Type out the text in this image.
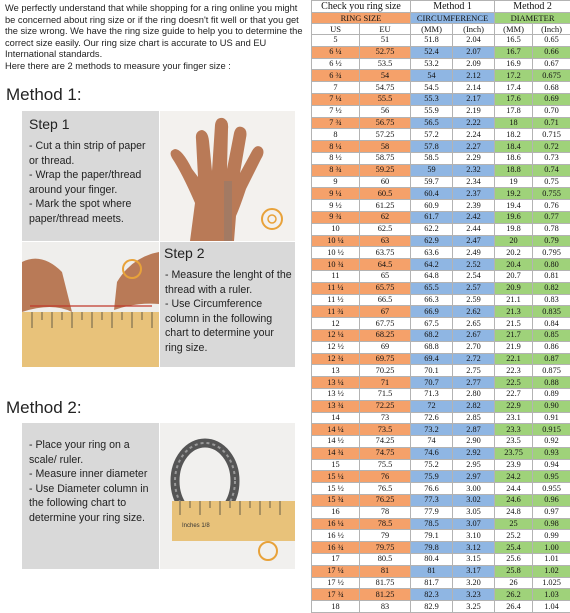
We perfectly understand that while shopping for a ring online you might be concerned about ring size or if the ring doesn't fit well or that you get the size wrong. We have the ring size guide to help you to determine the correct size easily. Our ring size chart is accurate to US and EU International standards.
Here there are 2 methods to measure your finger size :
Method 1:
Step 1
- Cut a thin strip of paper or thread.
- Wrap the paper/thread around your finger.
- Mark the spot where paper/thread meets.
Step 2
- Measure the lenght of the thread with a ruler.
- Use Circumference column in the following chart to determine your ring size.
Method 2:
- Place your ring on a scale/ ruler.
- Measure inner diameter
- Use Diameter column in the following chart to determine your ring size.
Inches 1/8
Check you ring size		Method 1		Method 2	
RING SIZE		CIRCUMFERENCE		DIAMETER	
US	EU	(MM)	(Inch)	(MM)	(Inch)
5	51	51.8	2.04	16.5	0.65
6 ¼	52.75	52.4	2.07	16.7	0.66
6 ½	53.5	53.2	2.09	16.9	0.67
6 ¾	54	54	2.12	17.2	0.675
7	54.75	54.5	2.14	17.4	0.68
7 ¼	55.5	55.3	2.17	17.6	0.69
7 ½	56	55.9	2.19	17.8	0.70
7 ¾	56.75	56.5	2.22	18	0.71
8	57.25	57.2	2.24	18.2	0.715
8 ¼	58	57.8	2.27	18.4	0.72
8 ½	58.75	58.5	2.29	18.6	0.73
8 ¾	59.25	59	2.32	18.8	0.74
9	60	59.7	2.34	19	0.75
9 ¼	60.5	60.4	2.37	19.2	0.755
9 ½	61.25	60.9	2.39	19.4	0.76
9 ¾	62	61.7	2.42	19.6	0.77
10	62.5	62.2	2.44	19.8	0.78
10 ¼	63	62.9	2.47	20	0.79
10 ½	63.75	63.6	2.49	20.2	0.795
10 ¾	64.5	64.2	2.52	20.4	0.80
11	65	64.8	2.54	20.7	0.81
11 ¼	65.75	65.5	2.57	20.9	0.82
11 ½	66.5	66.3	2.59	21.1	0.83
11 ¾	67	66.9	2.62	21.3	0.835
12	67.75	67.5	2.65	21.5	0.84
12 ¼	68.25	68.2	2.67	21.7	0.85
12 ½	69	68.8	2.70	21.9	0.86
12 ¾	69.75	69.4	2.72	22.1	0.87
13	70.25	70.1	2.75	22.3	0.875
13 ¼	71	70.7	2.77	22.5	0.88
13 ½	71.5	71.3	2.80	22.7	0.89
13 ¾	72.25	72	2.82	22.9	0.90
14	73	72.6	2.85	23.1	0.91
14 ¼	73.5	73.2	2.87	23.3	0.915
14 ½	74.25	74	2.90	23.5	0.92
14 ¾	74.75	74.6	2.92	23.75	0.93
15	75.5	75.2	2.95	23.9	0.94
15 ¼	76	75.9	2.97	24.2	0.95
15 ½	76.5	76.6	3.00	24.4	0.955
15 ¾	76.25	77.3	3.02	24.6	0.96
16	78	77.9	3.05	24.8	0.97
16 ¼	78.5	78.5	3.07	25	0.98
16 ½	79	79.1	3.10	25.2	0.99
16 ¾	79.75	79.8	3.12	25.4	1.00
17	80.5	80.4	3.15	25.6	1.01
17 ¼	81	81	3.17	25.8	1.02
17 ½	81.75	81.7	3.20	26	1.025
17 ¾	81.25	82.3	3.23	26.2	1.03
18	83	82.9	3.25	26.4	1.04
